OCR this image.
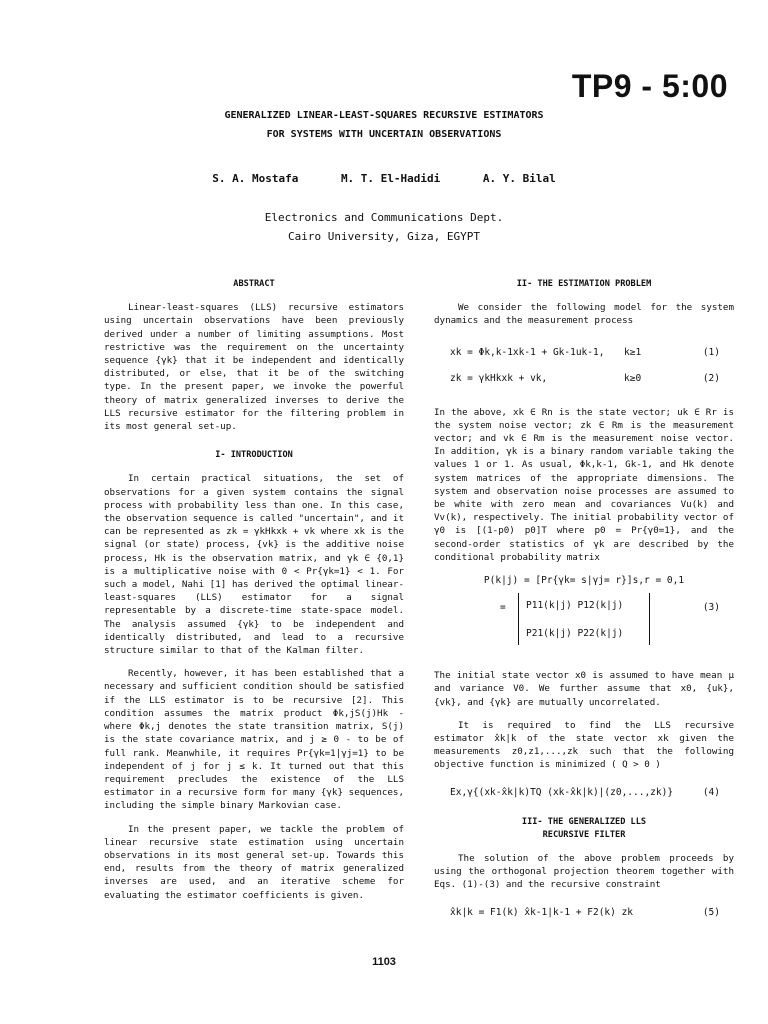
TP9 - 5:00
GENERALIZED LINEAR-LEAST-SQUARES RECURSIVE ESTIMATORS
FOR SYSTEMS WITH UNCERTAIN OBSERVATIONS
S. A. Mostafa	M. T. El-Hadidi	A. Y. Bilal
Electronics and Communications Dept.
Cairo University, Giza, EGYPT
ABSTRACT
Linear-least-squares (LLS) recursive estimators using uncertain observations have been previously derived under a number of limiting assumptions. Most restrictive was the requirement on the uncertainty sequence {γk} that it be independent and identically distributed, or else, that it be of the switching type. In the present paper, we invoke the powerful theory of matrix generalized inverses to derive the LLS recursive estimator for the filtering problem in its most general set-up.
I- INTRODUCTION
In certain practical situations, the set of observations for a given system contains the signal process with probability less than one. In this case, the observation sequence is called "uncertain", and it can be represented as zk = γkHkxk + vk where xk is the signal (or state) process, {vk} is the additive noise process, Hk is the observation matrix, and γk ∈ {0,1} is a multiplicative noise with 0 < Pr{γk=1} < 1. For such a model, Nahi [1] has derived the optimal linear-least-squares (LLS) estimator for a signal representable by a discrete-time state-space model. The analysis assumed {γk} to be independent and identically distributed, and lead to a recursive structure similar to that of the Kalman filter.
Recently, however, it has been established that a necessary and sufficient condition should be satisfied if the LLS estimator is to be recursive [2]. This condition assumes the matrix product Φk,jS(j)Hk - where Φk,j denotes the state transition matrix, S(j) is the state covariance matrix, and j ≥ 0 - to be of full rank. Meanwhile, it requires Pr{γk=1|γj=1} to be independent of j for j ≤ k. It turned out that this requirement precludes the existence of the LLS estimator in a recursive form for many {γk} sequences, including the simple binary Markovian case.
In the present paper, we tackle the problem of linear recursive state estimation using uncertain observations in its most general set-up. Towards this end, results from the theory of matrix generalized inverses are used, and an iterative scheme for evaluating the estimator coefficients is given.
II- THE ESTIMATION PROBLEM
We consider the following model for the system dynamics and the measurement process
xk = Φk,k-1xk-1 + Gk-1uk-1, k≥1	(1)
zk = γkHkxk + vk,	k≥0	(2)
In the above, xk ∈ Rn is the state vector; uk ∈ Rr is the system noise vector; zk ∈ Rm is the measurement vector; and vk ∈ Rm is the measurement noise vector. In addition, γk is a binary random variable taking the values 1 or 1. As usual, Φk,k-1, Gk-1, and Hk denote system matrices of the appropriate dimensions. The system and observation noise processes are assumed to be white with zero mean and covariances Vu(k) and Vv(k), respectively. The initial probability vector of γ0 is [(1-p0) p0]T where p0 = Pr{γ0=1}, and the second-order statistics of γk are described by the conditional probability matrix
P(k|j) = [Pr{γk= s|γj= r}]s,r = 0,1
= P11(k|j) P12(k|j)
P21(k|j) P22(k|j)
(3)
The initial state vector x0 is assumed to have mean μ and variance V0. We further assume that x0, {uk}, {vk}, and {γk} are mutually uncorrelated.
It is required to find the LLS recursive estimator x̂k|k of the state vector xk given the measurements z0,z1,...,zk such that the following objective function is minimized ( Q > 0 )
Ex,γ{(xk-x̂k|k)TQ (xk-x̂k|k)|(z0,...,zk)}	(4)
III- THE GENERALIZED LLS
RECURSIVE FILTER
The solution of the above problem proceeds by using the orthogonal projection theorem together with Eqs. (1)-(3) and the recursive constraint
x̂k|k = F1(k) x̂k-1|k-1 + F2(k) zk	(5)
1103
